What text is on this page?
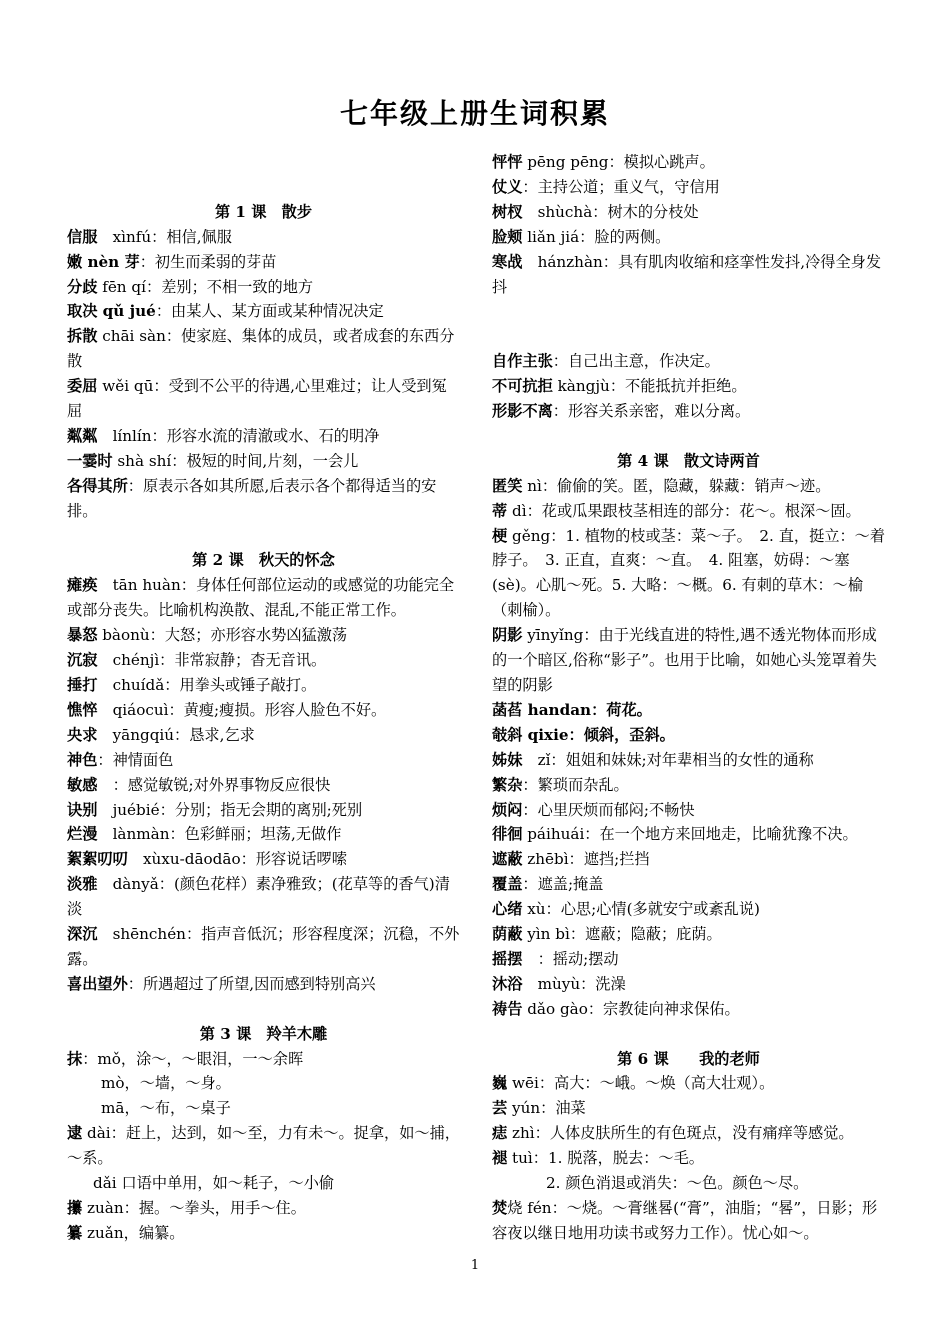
七年级上册生词积累
第 1 课　散步
信服　xìnfú：相信,佩服
嫩 nèn 芽：初生而柔弱的芽苗
分歧 fēn qí：差别；不相一致的地方
取决 qǔ jué：由某人、某方面或某种情况决定
拆散 chāi sàn：使家庭、集体的成员，或者成套的东西分散
委屈 wěi qū：受到不公平的待遇,心里难过；让人受到冤屈
粼粼　línlín：形容水流的清澈或水、石的明净
一霎时 shà shí：极短的时间,片刻，一会儿
各得其所：原表示各如其所愿,后表示各个都得适当的安排。
第 2 课　秋天的怀念
瘫痪　tān huàn：身体任何部位运动的或感觉的功能完全或部分丧失。比喻机构涣散、混乱,不能正常工作。
暴怒 bàonù：大怒；亦形容水势凶猛激荡
沉寂　chénjì：非常寂静；杳无音讯。
捶打　chuídǎ：用拳头或锤子敲打。
憔悴　qiáocuì：黄瘦;瘦损。形容人脸色不好。
央求　yāngqiú：恳求,乞求
神色：神情面色
敏感　：感觉敏锐;对外界事物反应很快
诀别　juébié：分别；指无会期的离别;死别
烂漫　lànmàn：色彩鲜丽；坦荡,无做作
絮絮叨叨　xùxu-dāodāo：形容说话啰嗦
淡雅　dànyǎ：(颜色花样）素净雅致；(花草等的香气)清淡
深沉　shēnchén：指声音低沉；形容程度深；沉稳，不外露。
喜出望外：所遇超过了所望,因而感到特别高兴
第 3 课　羚羊木雕
抹：mǒ，涂～，～眼泪，一～余晖
mò，～墙，～身。
mā，～布，～桌子
逮 dài：赶上，达到，如～至，力有未～。捉拿，如～捕，～系。
dǎi 口语中单用，如～耗子，～小偷
攥 zuàn：握。～拳头，用手～住。
纂 zuǎn，编纂。
怦怦 pēng pēng：模拟心跳声。
仗义：主持公道；重义气，守信用
树杈　shùchà：树木的分枝处
脸颊 liǎn jiá：脸的两侧。
寒战　hánzhàn：具有肌肉收缩和痉挛性发抖,冷得全身发抖
自作主张：自己出主意，作决定。
不可抗拒 kàngjù：不能抵抗并拒绝。
形影不离：形容关系亲密，难以分离。
第 4 课　散文诗两首
匿笑 nì：偷偷的笑。匿，隐藏，躲藏：销声～迹。
蒂 dì：花或瓜果跟枝茎相连的部分：花～。根深～固。
梗 gěng：1. 植物的枝或茎：菜～子。　2. 直，挺立：～着脖子。　3. 正直，直爽：～直。　4. 阻塞，妨碍：～塞(sè)。心肌～死。5. 大略：～概。6. 有刺的草木：～榆（刺榆）。
阴影 yīnyǐng：由于光线直进的特性,遇不透光物体而形成的一个暗区,俗称“影子”。也用于比喻，如她心头笼罩着失望的阴影
菡萏 handan：荷花。
攲斜 qixie：倾斜，歪斜。
姊妹　zǐ：姐姐和妹妹;对年辈相当的女性的通称
繁杂：繁琐而杂乱。
烦闷：心里厌烦而郁闷;不畅快
徘徊 páihuái：在一个地方来回地走，比喻犹豫不决。
遮蔽 zhēbì：遮挡;拦挡
覆盖：遮盖;掩盖
心绪 xù：心思;心情(多就安宁或紊乱说)
荫蔽 yìn bì：遮蔽；隐蔽；庇荫。
摇摆　：摇动;摆动
沐浴　mùyù：洗澡
祷告 dǎo gào：宗教徒向神求保佑。
第 6 课　　我的老师
巍 wēi：高大：～峨。～焕（高大壮观）。
芸 yún：油菜
痣 zhì：人体皮肤所生的有色斑点，没有痛痒等感觉。
褪 tuì：1. 脱落，脱去：～毛。
2. 颜色消退或消失：～色。颜色～尽。
焚烧 fén：～烧。～膏继晷(“膏”，油脂；“晷”，日影；形容夜以继日地用功读书或努力工作）。忧心如～。
1
